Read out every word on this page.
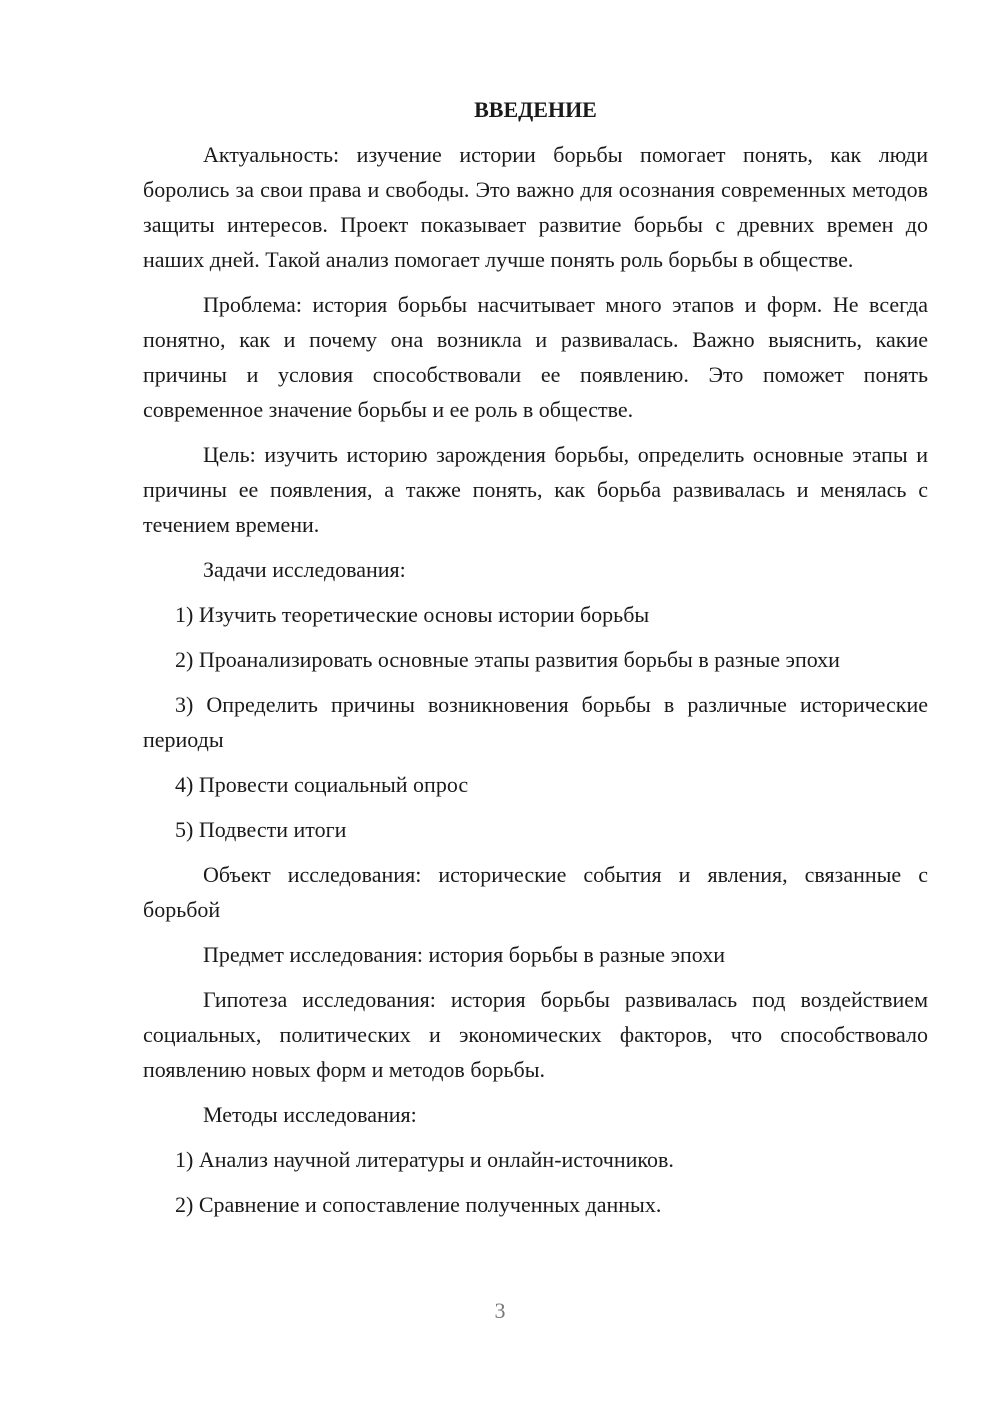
ВВЕДЕНИЕ

Актуальность: изучение истории борьбы помогает понять, как люди боролись за свои права и свободы. Это важно для осознания современных методов защиты интересов. Проект показывает развитие борьбы с древних времен до наших дней. Такой анализ помогает лучше понять роль борьбы в обществе.

Проблема: история борьбы насчитывает много этапов и форм. Не всегда понятно, как и почему она возникла и развивалась. Важно выяснить, какие причины и условия способствовали ее появлению. Это поможет понять современное значение борьбы и ее роль в обществе.

Цель: изучить историю зарождения борьбы, определить основные этапы и причины ее появления, а также понять, как борьба развивалась и менялась с течением времени.

Задачи исследования:

1) Изучить теоретические основы истории борьбы

2) Проанализировать основные этапы развития борьбы в разные эпохи

3) Определить причины возникновения борьбы в различные исторические периоды

4) Провести социальный опрос

5) Подвести итоги

Объект исследования: исторические события и явления, связанные с борьбой

Предмет исследования: история борьбы в разные эпохи

Гипотеза исследования: история борьбы развивалась под воздействием социальных, политических и экономических факторов, что способствовало появлению новых форм и методов борьбы.

Методы исследования:

1) Анализ научной литературы и онлайн-источников.

2) Сравнение и сопоставление полученных данных.

3
